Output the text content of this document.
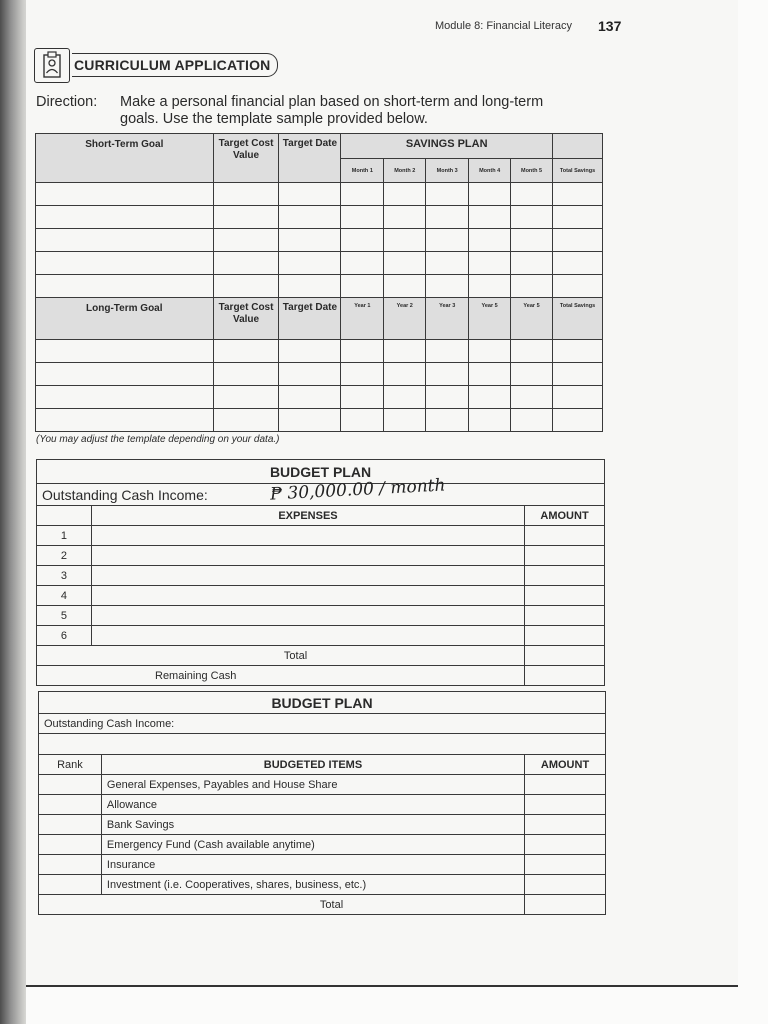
Module 8: Financial Literacy 137
CURRICULUM APPLICATION
Direction: Make a personal financial plan based on short-term and long-term goals. Use the template sample provided below.
Short-Term Goal	Target Cost Value	Target Date	SAVINGS PLAN					
			Month 1	Month 2	Month 3	Month 4	Month 5	Total Savings

Long-Term Goal	Target Cost Value	Target Date	Year 1	Year 2	Year 3	Year 5	Year 5	Total Savings

(You may adjust the template depending on your data.)
BUDGET PLAN		
Outstanding Cash Income:		
	EXPENSES	AMOUNT
1		
2		
3		
4		
5		
6		
Total		
Remaining Cash		
₱ 30,000.00 / month
BUDGET PLAN		
Outstanding Cash Income:		

Rank	BUDGETED ITEMS	AMOUNT
	General Expenses, Payables and House Share	
	Allowance	
	Bank Savings	
	Emergency Fund (Cash available anytime)	
	Insurance	
	Investment (i.e. Cooperatives, shares, business, etc.)	
Total		
